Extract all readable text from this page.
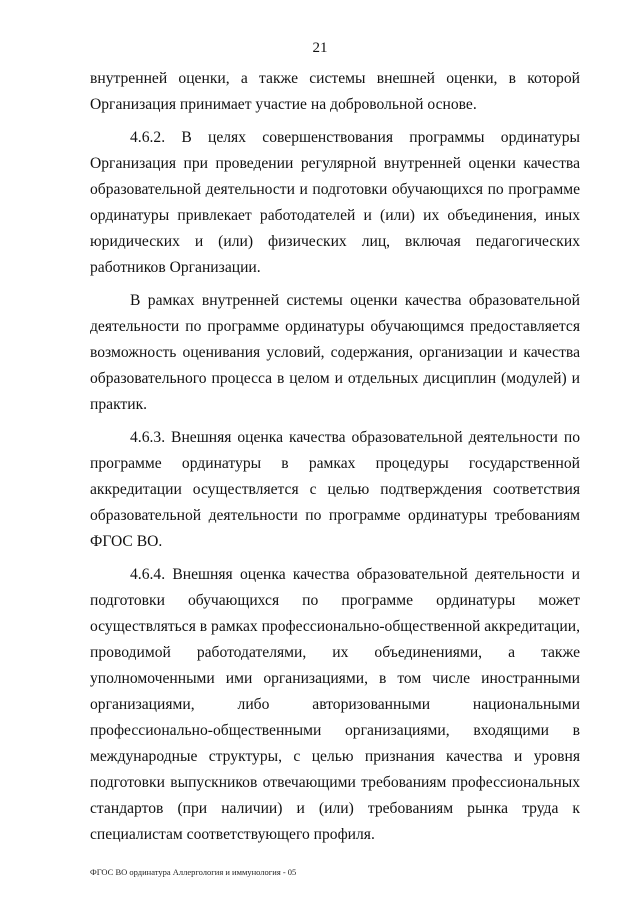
21

внутренней оценки, а также системы внешней оценки, в которой Организация принимает участие на добровольной основе.

4.6.2. В целях совершенствования программы ординатуры Организация при проведении регулярной внутренней оценки качества образовательной деятельности и подготовки обучающихся по программе ординатуры привлекает работодателей и (или) их объединения, иных юридических и (или) физических лиц, включая педагогических работников Организации.

В рамках внутренней системы оценки качества образовательной деятельности по программе ординатуры обучающимся предоставляется возможность оценивания условий, содержания, организации и качества образовательного процесса в целом и отдельных дисциплин (модулей) и практик.

4.6.3. Внешняя оценка качества образовательной деятельности по программе ординатуры в рамках процедуры государственной аккредитации осуществляется с целью подтверждения соответствия образовательной деятельности по программе ординатуры требованиям ФГОС ВО.

4.6.4. Внешняя оценка качества образовательной деятельности и подготовки обучающихся по программе ординатуры может осуществляться в рамках профессионально-общественной аккредитации, проводимой работодателями, их объединениями, а также уполномоченными ими организациями, в том числе иностранными организациями, либо авторизованными национальными профессионально-общественными организациями, входящими в международные структуры, с целью признания качества и уровня подготовки выпускников отвечающими требованиям профессиональных стандартов (при наличии) и (или) требованиям рынка труда к специалистам соответствующего профиля.

ФГОС ВО ординатура Аллергология и иммунология - 05
